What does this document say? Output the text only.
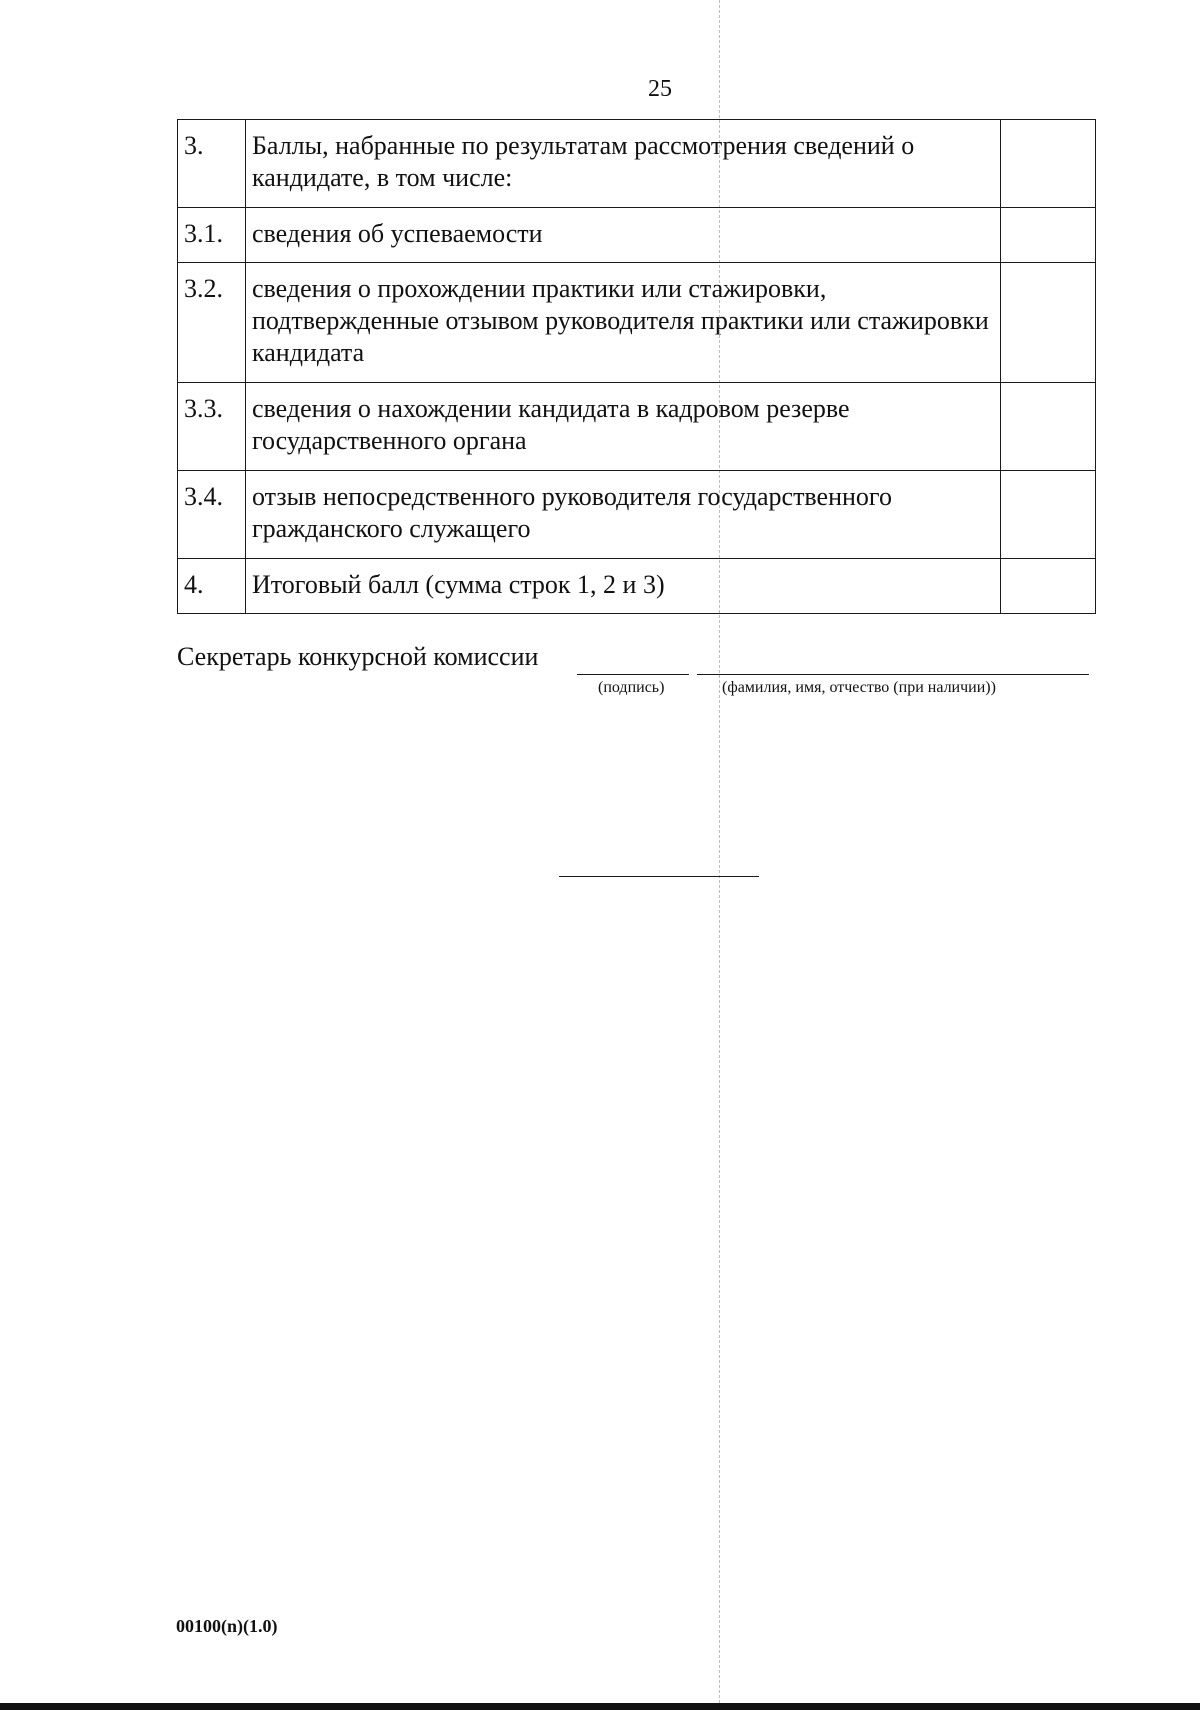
25
3.	Баллы, набранные по результатам рассмотрения сведений о кандидате, в том числе:	
3.1.	сведения об успеваемости	
3.2.	сведения о прохождении практики или стажировки, подтвержденные отзывом руководителя практики или стажировки кандидата	
3.3.	сведения о нахождении кандидата в кадровом резерве государственного органа	
3.4.	отзыв непосредственного руководителя государственного гражданского служащего	
4.	Итоговый балл (сумма строк 1, 2 и 3)	
Секретарь конкурсной комиссии
(подпись)	(фамилия, имя, отчество (при наличии))
00100(n)(1.0)
